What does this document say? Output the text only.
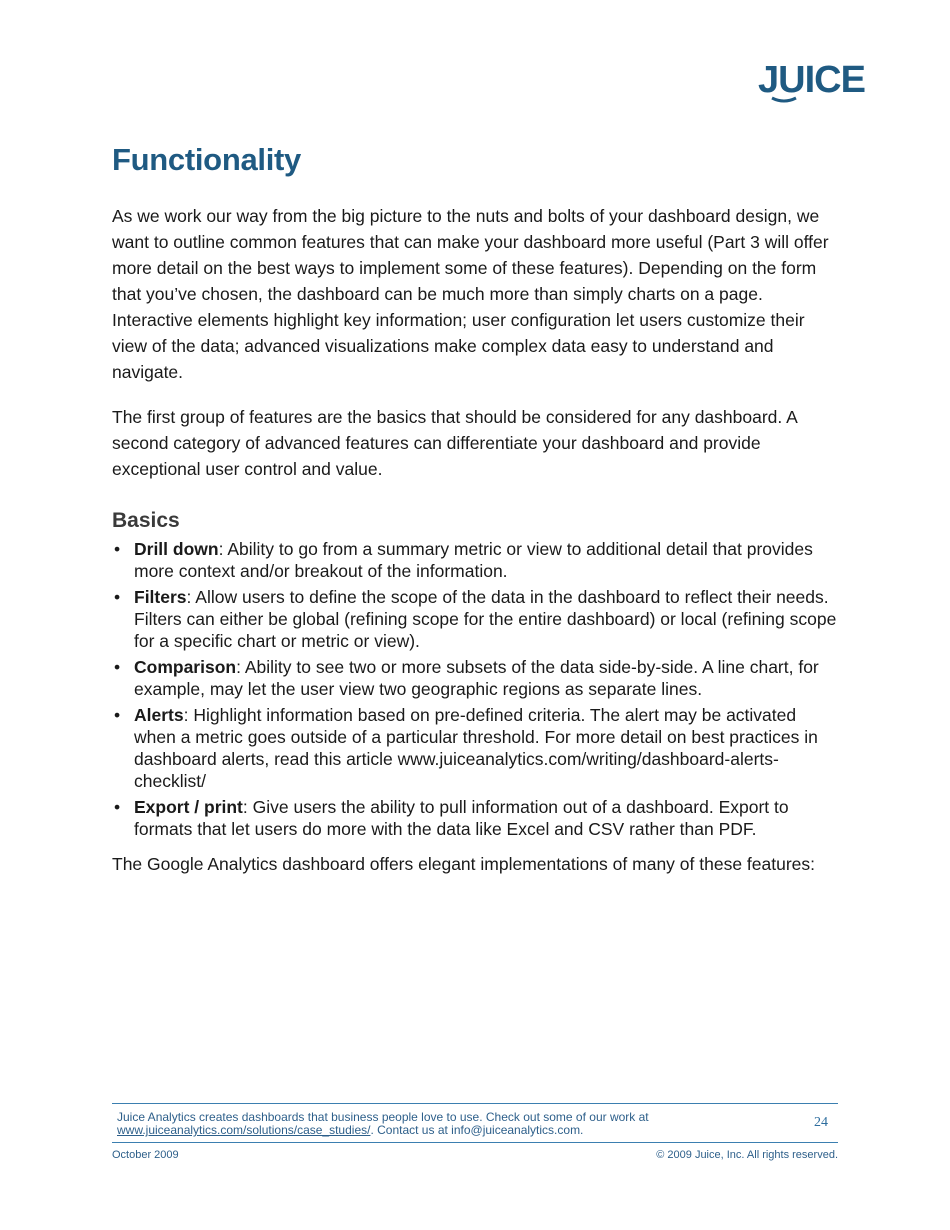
JUICE
Functionality

As we work our way from the big picture to the nuts and bolts of your dashboard design, we want to outline common features that can make your dashboard more useful (Part 3 will offer more detail on the best ways to implement some of these features). Depending on the form that you’ve chosen, the dashboard can be much more than simply charts on a page. Interactive elements highlight key information; user configuration let users customize their view of the data; advanced visualizations make complex data easy to understand and navigate.

The first group of features are the basics that should be considered for any dashboard. A second category of advanced features can differentiate your dashboard and provide exceptional user control and value.

Basics
• Drill down: Ability to go from a summary metric or view to additional detail that provides more context and/or breakout of the information.
• Filters: Allow users to define the scope of the data in the dashboard to reflect their needs. Filters can either be global (refining scope for the entire dashboard) or local (refining scope for a specific chart or metric or view).
• Comparison: Ability to see two or more subsets of the data side-by-side. A line chart, for example, may let the user view two geographic regions as separate lines.
• Alerts: Highlight information based on pre-defined criteria. The alert may be activated when a metric goes outside of a particular threshold. For more detail on best practices in dashboard alerts, read this article www.juiceanalytics.com/writing/dashboard-alerts-checklist/
• Export / print: Give users the ability to pull information out of a dashboard. Export to formats that let users do more with the data like Excel and CSV rather than PDF.

The Google Analytics dashboard offers elegant implementations of many of these features:

Juice Analytics creates dashboards that business people love to use. Check out some of our work at
www.juiceanalytics.com/solutions/case_studies/. Contact us at info@juiceanalytics.com.	24
October 2009	© 2009 Juice, Inc. All rights reserved.
